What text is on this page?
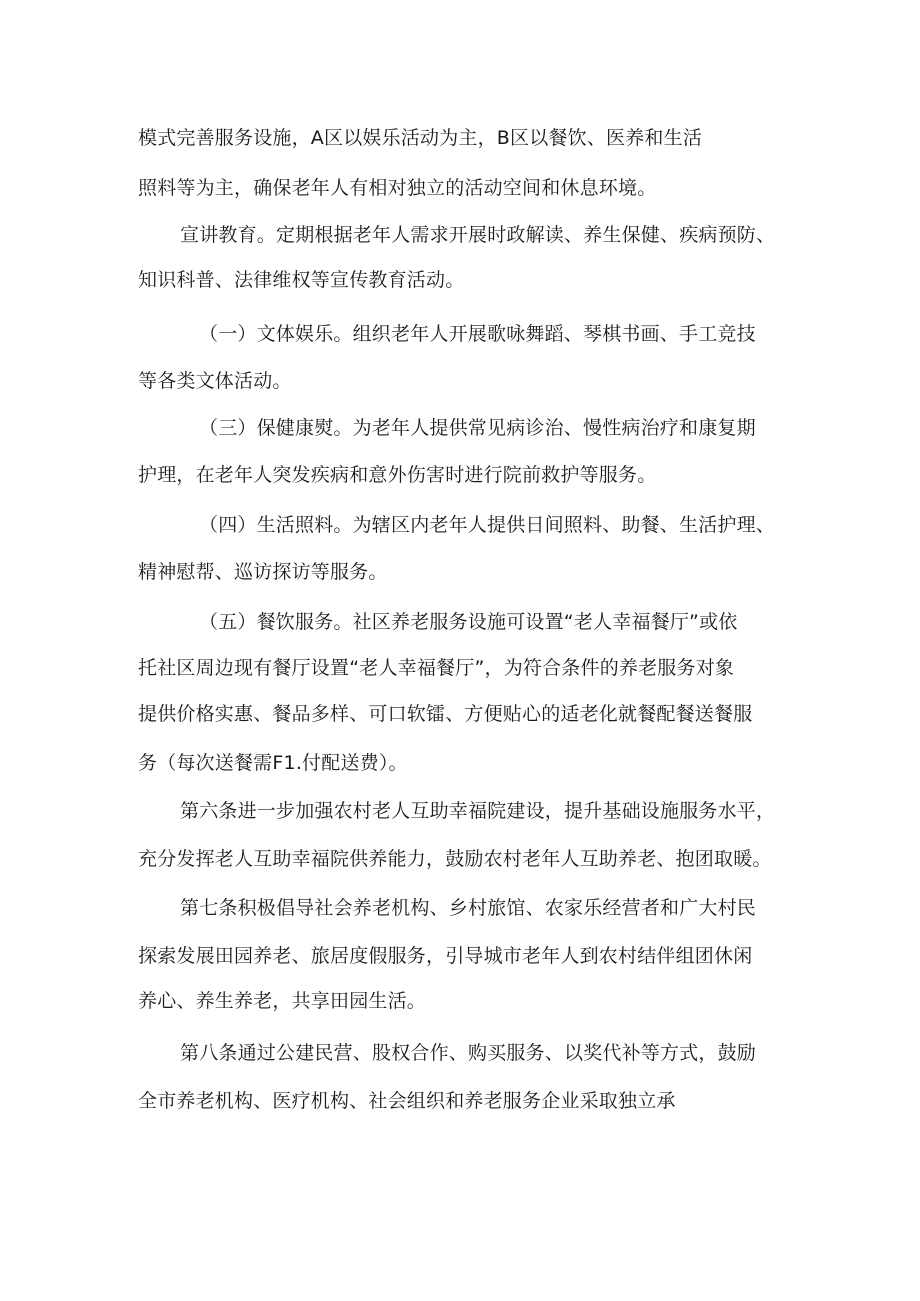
模式完善服务设施，A区以娱乐活动为主，B区以餐饮、医养和生活

照料等为主，确保老年人有相对独立的活动空间和休息环境。

宣讲教育。定期根据老年人需求开展时政解读、养生保健、疾病预防、

知识科普、法律维权等宣传教育活动。

（一）文体娱乐。组织老年人开展歌咏舞蹈、琴棋书画、手工竞技

等各类文体活动。

（三）保健康熨。为老年人提供常见病诊治、慢性病治疗和康复期

护理，在老年人突发疾病和意外伤害时进行院前救护等服务。

（四）生活照料。为辖区内老年人提供日间照料、助餐、生活护理、

精神慰帮、巡访探访等服务。

（五）餐饮服务。社区养老服务设施可设置“老人幸福餐厅”或依

托社区周边现有餐厅设置“老人幸福餐厅”，为符合条件的养老服务对象

提供价格实惠、餐品多样、可口软镭、方便贴心的适老化就餐配餐送餐服

务（每次送餐需F1.付配送费）。

第六条进一步加强农村老人互助幸福院建设，提升基础设施服务水平，

充分发挥老人互助幸福院供养能力，鼓励农村老年人互助养老、抱团取暖。

第七条积极倡导社会养老机构、乡村旅馆、农家乐经营者和广大村民

探索发展田园养老、旅居度假服务，引导城市老年人到农村结伴组团休闲

养心、养生养老，共享田园生活。

第八条通过公建民营、股权合作、购买服务、以奖代补等方式，鼓励

全市养老机构、医疗机构、社会组织和养老服务企业采取独立承
